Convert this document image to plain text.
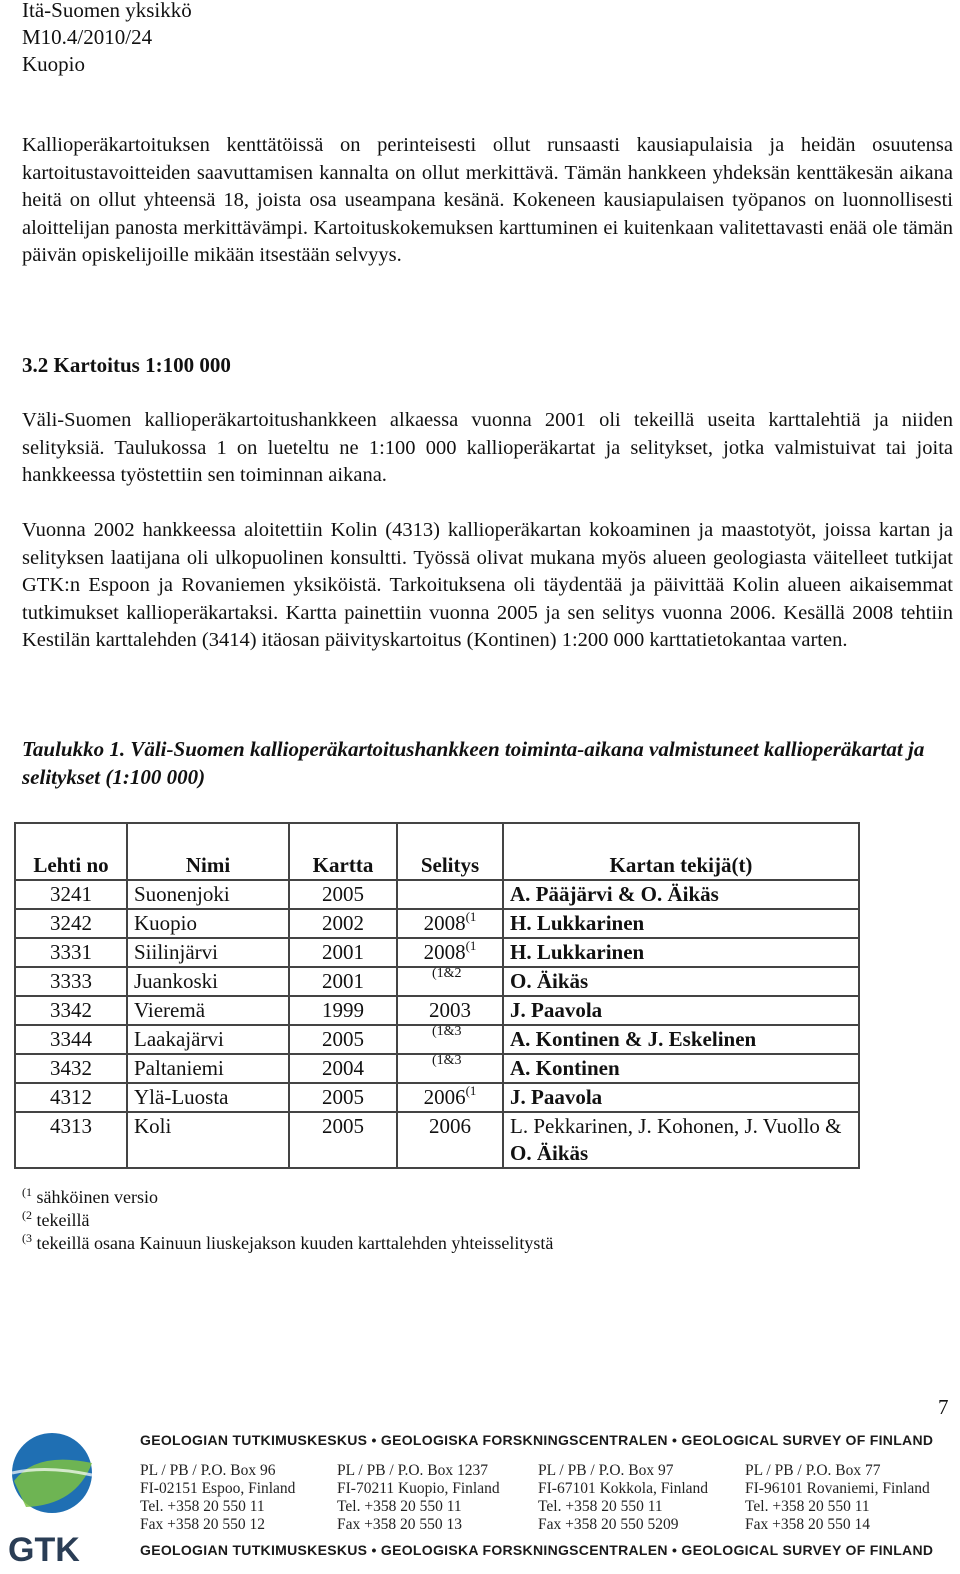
Itä-Suomen yksikkö
M10.4/2010/24
Kuopio

Kallioperäkartoituksen kenttätöissä on perinteisesti ollut runsaasti kausiapulaisia ja heidän osuutensa kartoitustavoitteiden saavuttamisen kannalta on ollut merkittävä. Tämän hankkeen yhdeksän kenttäkesän aikana heitä on ollut yhteensä 18, joista osa useampana kesänä. Kokeneen kausiapulaisen työpanos on luonnollisesti aloittelijan panosta merkittävämpi. Kartoituskokemuksen karttuminen ei kuitenkaan valitettavasti enää ole tämän päivän opiskelijoille mikään itsestään selvyys.

3.2 Kartoitus 1:100 000

Väli-Suomen kallioperäkartoitushankkeen alkaessa vuonna 2001 oli tekeillä useita karttalehtiä ja niiden selityksiä. Taulukossa 1 on lueteltu ne 1:100 000 kallioperäkartat ja selitykset, jotka valmistuivat tai joita hankkeessa työstettiin sen toiminnan aikana.

Vuonna 2002 hankkeessa aloitettiin Kolin (4313) kallioperäkartan kokoaminen ja maastotyöt, joissa kartan ja selityksen laatijana oli ulkopuolinen konsultti. Työssä olivat mukana myös alueen geologiasta väitelleet tutkijat GTK:n Espoon ja Rovaniemen yksiköistä. Tarkoituksena oli täydentää ja päivittää Kolin alueen aikaisemmat tutkimukset kallioperäkartaksi. Kartta painettiin vuonna 2005 ja sen selitys vuonna 2006. Kesällä 2008 tehtiin Kestilän karttalehden (3414) itäosan päivityskartoitus (Kontinen) 1:200 000 karttatietokantaa varten.

Taulukko 1. Väli-Suomen kallioperäkartoitushankkeen toiminta-aikana valmistuneet kallioperäkartat ja selitykset (1:100 000)

Lehti no	Nimi	Kartta	Selitys	Kartan tekijä(t)
3241	Suonenjoki	2005		A. Pääjärvi & O. Äikäs
3242	Kuopio	2002	2008$^{(1}$	H. Lukkarinen
3331	Siilinjärvi	2001	2008$^{(1}$	H. Lukkarinen
3333	Juankoski	2001	(1&2	O. Äikäs
3342	Vieremä	1999	2003	J. Paavola
3344	Laakajärvi	2005	(1&3	A. Kontinen & J. Eskelinen
3432	Paltaniemi	2004	(1&3	A. Kontinen
4312	Ylä-Luosta	2005	2006$^{(1}$	J. Paavola
4313	Koli	2005	2006	L. Pekkarinen, J. Kohonen, J. Vuollo & O. Äikäs
$^{(1}$ sähköinen versio
$^{(2}$ tekeillä
$^{(3}$ tekeillä osana Kainuun liuskejakson kuuden karttalehden yhteisselitystä
7
GTK
GEOLOGIAN TUTKIMUSKESKUS • GEOLOGISKA FORSKNINGSCENTRALEN • GEOLOGICAL SURVEY OF FINLAND
PL / PB / P.O. Box 96
FI-02151 Espoo, Finland
Tel. +358 20 550 11
Fax +358 20 550 12
PL / PB / P.O. Box 1237
FI-70211 Kuopio, Finland
Tel. +358 20 550 11
Fax +358 20 550 13
PL / PB / P.O. Box 97
FI-67101 Kokkola, Finland
Tel. +358 20 550 11
Fax +358 20 550 5209
PL / PB / P.O. Box 77
FI-96101 Rovaniemi, Finland
Tel. +358 20 550 11
Fax +358 20 550 14
GEOLOGIAN TUTKIMUSKESKUS • GEOLOGISKA FORSKNINGSCENTRALEN • GEOLOGICAL SURVEY OF FINLAND
